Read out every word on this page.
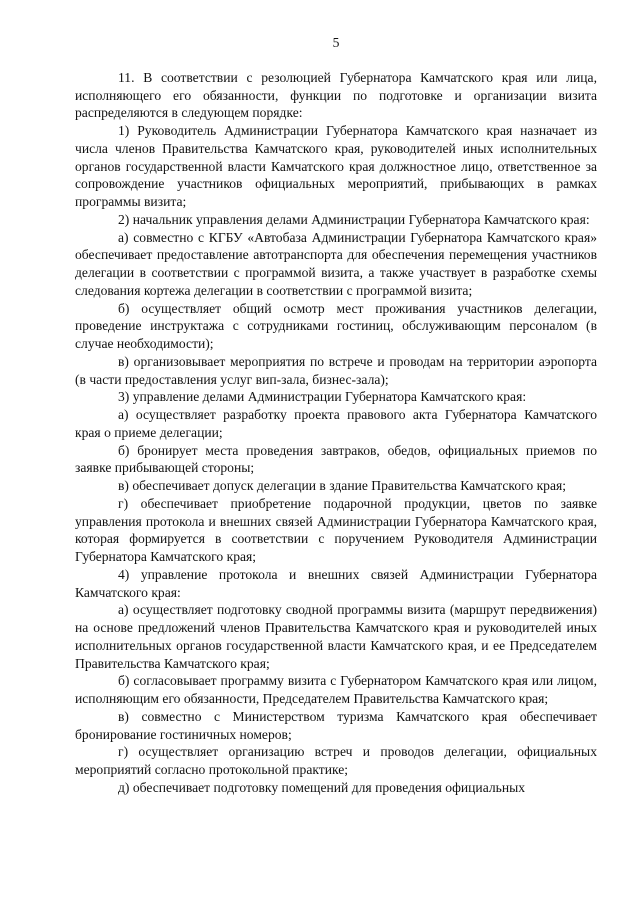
5

11. В соответствии с резолюцией Губернатора Камчатского края или лица, исполняющего его обязанности, функции по подготовке и организации визита распределяются в следующем порядке:

1) Руководитель Администрации Губернатора Камчатского края назначает из числа членов Правительства Камчатского края, руководителей иных исполнительных органов государственной власти Камчатского края должностное лицо, ответственное за сопровождение участников официальных мероприятий, прибывающих в рамках программы визита;

2) начальник управления делами Администрации Губернатора Камчатского края:

а) совместно с КГБУ «Автобаза Администрации Губернатора Камчатского края» обеспечивает предоставление автотранспорта для обеспечения перемещения участников делегации в соответствии с программой визита, а также участвует в разработке схемы следования кортежа делегации в соответствии с программой визита;

б) осуществляет общий осмотр мест проживания участников делегации, проведение инструктажа с сотрудниками гостиниц, обслуживающим персоналом (в случае необходимости);

в) организовывает мероприятия по встрече и проводам на территории аэропорта (в части предоставления услуг вип-зала, бизнес-зала);

3) управление делами Администрации Губернатора Камчатского края:

а) осуществляет разработку проекта правового акта Губернатора Камчатского края о приеме делегации;

б) бронирует места проведения завтраков, обедов, официальных приемов по заявке прибывающей стороны;

в) обеспечивает допуск делегации в здание Правительства Камчатского края;

г) обеспечивает приобретение подарочной продукции, цветов по заявке управления протокола и внешних связей Администрации Губернатора Камчатского края, которая формируется в соответствии с поручением Руководителя Администрации Губернатора Камчатского края;

4) управление протокола и внешних связей Администрации Губернатора Камчатского края:

а) осуществляет подготовку сводной программы визита (маршрут передвижения) на основе предложений членов Правительства Камчатского края и руководителей иных исполнительных органов государственной власти Камчатского края, и ее Председателем Правительства Камчатского края;

б) согласовывает программу визита с Губернатором Камчатского края или лицом, исполняющим его обязанности, Председателем Правительства Камчатского края;

в) совместно с Министерством туризма Камчатского края обеспечивает бронирование гостиничных номеров;

г) осуществляет организацию встреч и проводов делегации, официальных мероприятий согласно протокольной практике;

д) обеспечивает подготовку помещений для проведения официальных
